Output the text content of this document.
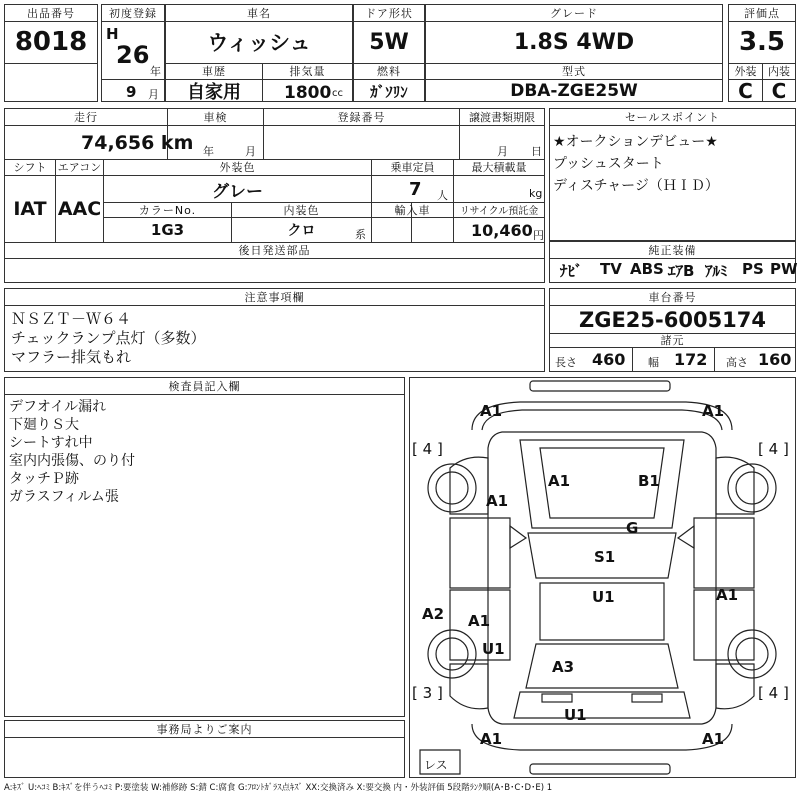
出品番号
8018
初度登録
H
26
年
9 月
車名
ウィッシュ
車歴
自家用
排気量
1800 cc
ドア形状
5W
燃料
ｶﾞｿﾘﾝ
グレード
1.8S 4WD
型式
DBA-ZGE25W
評価点
3.5
外装	内装
C C
走行
74,656 km
車検
年	月
登録番号	譲渡書類期限
月 日
シフト	エアコン
IAT AAC
外装色
グレー
乗車定員
7 人
最大積載量
kg
カラーNo.
1G3
内装色
クロ	系
輸入車	リサイクル預託金
10,460 円
後日発送部品
セールスポイント
★オークションデビュー★
プッシュスタート
ディスチャージ（ＨＩＤ）
純正装備
ﾅﾋﾞ TV ABS ｴｱB ｱﾙﾐ PS PW
注意事項欄
ＮＳＺＴ－Ｗ６４
チェックランプ点灯（多数）
マフラー排気もれ
車台番号
ZGE25-6005174
諸元
長さ 460 幅 172 高さ 160
検査員記入欄
デフオイル漏れ
下廻りＳ大
シートすれ中
室内内張傷、のり付
タッチＰ跡
ガラスフィルム張
事務局よりご案内
A1	A1
[ 4 ]	[ 4 ]
[ 3 ]	[ 4 ]
A1	B1
A1
G
S1
U1	A1
A2 A1
U1
A3
U1
A1	A1
レス
A:ｷｽﾞ U:ﾍｺﾐ B:ｷｽﾞを伴うﾍｺﾐ P:要塗装 W:補修跡 S:錆 C:腐食 G:ﾌﾛﾝﾄｶﾞﾗｽ点ｷｽﾞ XX:交換済み X:要交換 内・外装評価 5段階ﾗﾝｸ順(A･B･C･D･E) 1
